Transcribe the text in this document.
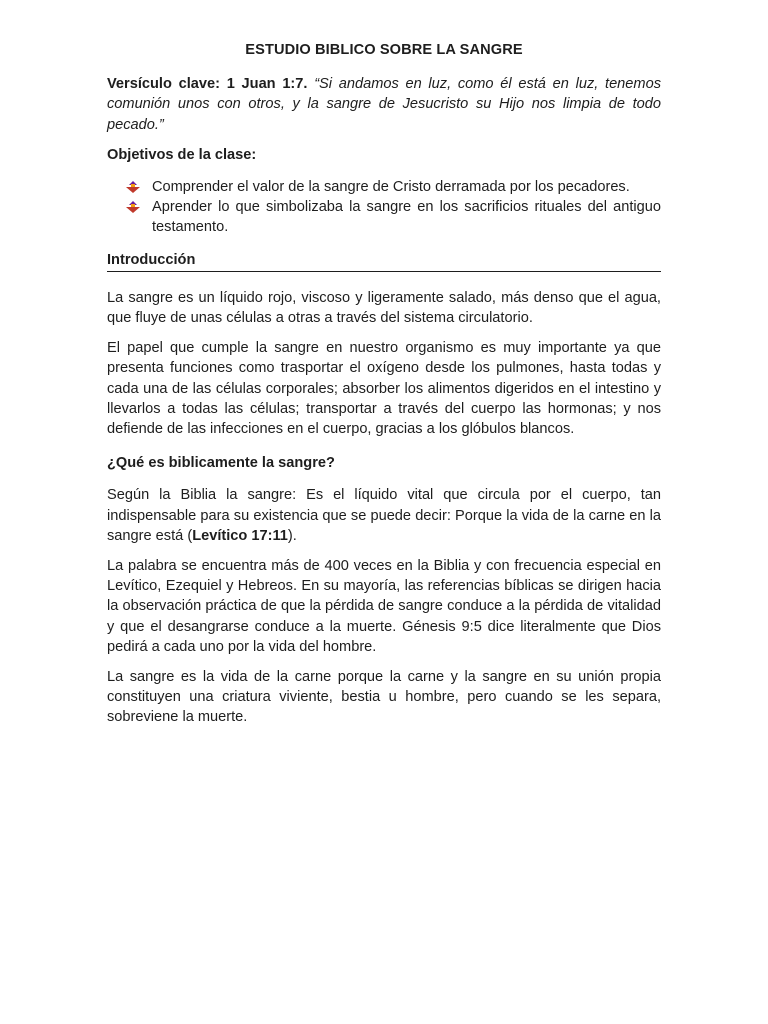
ESTUDIO BIBLICO SOBRE LA SANGRE

Versículo clave: 1 Juan 1:7. “Si andamos en luz, como él está en luz, tenemos comunión unos con otros, y la sangre de Jesucristo su Hijo nos limpia de todo pecado.”

Objetivos de la clase:
Comprender el valor de la sangre de Cristo derramada por los pecadores.
Aprender lo que simbolizaba la sangre en los sacrificios rituales del antiguo testamento.
Introducción

La sangre es un líquido rojo, viscoso y ligeramente salado, más denso que el agua, que fluye de unas células a otras a través del sistema circulatorio.

El papel que cumple la sangre en nuestro organismo es muy importante ya que presenta funciones como trasportar el oxígeno desde los pulmones, hasta todas y cada una de las células corporales; absorber los alimentos digeridos en el intestino y llevarlos a todas las células; transportar a través del cuerpo las hormonas; y nos defiende de las infecciones en el cuerpo, gracias a los glóbulos blancos.

¿Qué es biblicamente la sangre?

Según la Biblia la sangre: Es el líquido vital que circula por el cuerpo, tan indispensable para su existencia que se puede decir: Porque la vida de la carne en la sangre está (Levítico 17:11).

La palabra se encuentra más de 400 veces en la Biblia y con frecuencia especial en Levítico, Ezequiel y Hebreos. En su mayoría, las referencias bíblicas se dirigen hacia la observación práctica de que la pérdida de sangre conduce a la pérdida de vitalidad y que el desangrarse conduce a la muerte. Génesis 9:5 dice literalmente que Dios pedirá a cada uno por la vida del hombre.

La sangre es la vida de la carne porque la carne y la sangre en su unión propia constituyen una criatura viviente, bestia u hombre, pero cuando se les separa, sobreviene la muerte.
